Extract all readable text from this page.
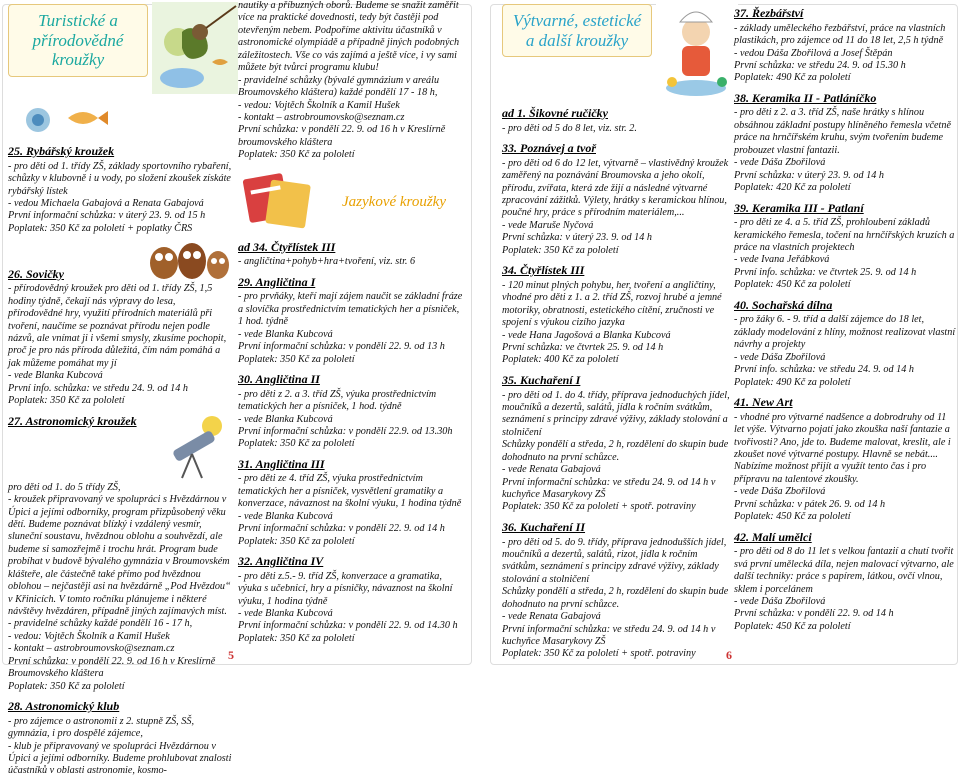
Turistické a přírodovědné kroužky
25. Rybářský kroužek
- pro děti od 1. třídy ZŠ, základy sportovního rybaření, schůzky v klubovně i u vody, po složení zkoušek získáte rybářský lístek
- vedou Michaela Gabajová a Renata Gabajová
První informační schůzka: v úterý 23. 9. od 15 h
Poplatek: 350 Kč za pololetí + poplatky ČRS
26. Sovičky
- přírodovědný kroužek pro děti od 1. třídy ZŠ, 1,5 hodiny týdně, čekají nás výpravy do lesa, přírodovědné hry, využití přírodních materiálů při tvoření, naučíme se poznávat přírodu nejen podle názvů, ale vnímat ji i všemi smysly, zkusíme pochopit, proč je pro nás příroda důležitá, čím nám pomáhá a jak můžeme pomáhat my jí
- vede Blanka Kubcová
První info. schůzka: ve středu 24. 9. od 14 h
Poplatek: 350 Kč za pololetí
27. Astronomický kroužek
pro děti od 1. do 5 třídy ZŠ,
- kroužek připravovaný ve spolupráci s Hvězdárnou v Úpici a jejími odborníky, program přizpůsobený věku dětí. Budeme poznávat blízký i vzdálený vesmír, sluneční soustavu, hvězdnou oblohu a souhvězdí, ale budeme si samozřejmě i trochu hrát. Program bude probíhat v budově bývalého gymnázia v Broumovském klášteře, ale částečně také přímo pod hvězdnou oblohou – nejčastěji asi na hvězdárně „Pod Hvězdou“ v Křinicích. V tomto ročníku plánujeme i některé návštěvy hvězdáren, případně jiných zajímavých míst.
- pravidelné schůzky každé pondělí 16 - 17 h,
- vedou: Vojtěch Školník a Kamil Hušek
- kontakt – astrobroumovsko@seznam.cz
První schůzka: v pondělí 22. 9. od 16 h v Kreslírně Broumovského kláštera
Poplatek: 350 Kč za pololetí
28. Astronomický klub
- pro zájemce o astronomii z 2. stupně ZŠ, SŠ, gymnázia, i pro dospělé zájemce,
- klub je připravovaný ve spolupráci Hvězdárnou v Úpici a jejími odborníky. Budeme prohlubovat znalosti účastníků v oblasti astronomie, kosmo-
nautiky a příbuzných oborů. Budeme se snažit zaměřit více na praktické dovednosti, tedy být častěji pod otevřeným nebem. Podpoříme aktivitu účastníků v astronomické olympiádě a případně jiných podobných záležitostech. Vše co vás zajímá a ještě více, i vy sami můžete být tvůrci programu klubu!
- pravidelné schůzky (bývalé gymnázium v areálu Broumovského kláštera) každé pondělí 17 - 18 h,
- vedou: Vojtěch Školník a Kamil Hušek
- kontakt – astrobroumovsko@seznam.cz
První schůzka: v pondělí 22. 9. od 16 h v Kreslírně broumovského kláštera
Poplatek: 350 Kč za pololetí
Jazykové kroužky
ad 34. Čtyřlístek III
- angličtina+pohyb+hra+tvoření, viz. str. 6
29. Angličtina I
- pro prvňáky, kteří mají zájem naučit se základní fráze a slovíčka prostřednictvím tematických her a písniček, 1 hod. týdně
- vede Blanka Kubcová
První informační schůzka: v pondělí 22. 9. od 13 h
Poplatek: 350 Kč za pololetí
30. Angličtina II
- pro děti z 2. a 3. tříd ZŠ, výuka prostřednictvím tematických her a písniček, 1 hod. týdně
- vede Blanka Kubcová
První informační schůzka: v pondělí 22.9. od 13.30h
Poplatek: 350 Kč za pololetí
31. Angličtina III
- pro děti ze 4. tříd ZŠ, výuka prostřednictvím tematických her a písniček, vysvětlení gramatiky a konverzace, návaznost na školní výuku, 1 hodina týdně
- vede Blanka Kubcová
První informační schůzka: v pondělí 22. 9. od 14 h
Poplatek: 350 Kč za pololetí
32. Angličtina IV
- pro děti z.5.- 9. tříd ZŠ, konverzace a gramatika, výuka s učebnicí, hry a písničky, návaznost na školní výuku, 1 hodina týdně
- vede Blanka Kubcová
První informační schůzka: v pondělí 22. 9. od 14.30 h
Poplatek: 350 Kč za pololetí
Výtvarné, estetické a další kroužky
ad 1. Šikovné ručičky
- pro děti od 5 do 8 let, viz. str. 2.
33. Poznávej a tvoř
- pro děti od 6 do 12 let, výtvarně – vlastivědný kroužek zaměřený na poznávání Broumovska a jeho okolí, přírodu, zvířata, která zde žijí a následné výtvarné zpracování zážitků. Výlety, hrátky s keramickou hlínou, poučné hry, práce s přírodním materiálem,...
- vede Maruše Nyčová
První schůzka: v úterý 23. 9. od 14 h
Poplatek: 350 Kč za pololetí
34. Čtyřlístek III
- 120 minut plných pohybu, her, tvoření a angličtiny, vhodné pro děti z 1. a 2. tříd ZŠ, rozvoj hrubé a jemné motoriky, obratnosti, estetického cítění, zručnosti ve spojení s výukou cizího jazyka
- vede Hana Jagošová a Blanka Kubcová
První schůzka: ve čtvrtek 25. 9. od 14 h
Poplatek: 400 Kč za pololetí
35. Kuchaření I
- pro děti od 1. do 4. třídy, příprava jednoduchých jídel, moučníků a dezertů, salátů, jídla k ročním svátkům, seznámení s principy zdravé výživy, základy stolování a stolničení
Schůzky pondělí a středa, 2 h, rozdělení do skupin bude dohodnuto na první schůzce.
- vede Renata Gabajová
První informační schůzka: ve středu 24. 9. od 14 h v kuchyňce Masarykovy ZŠ
Poplatek: 350 Kč za pololetí + spotř. potraviny
36. Kuchaření II
- pro děti od 5. do 9. třídy, příprava jednodušších jídel, moučníků a dezertů, salátů, rizot, jídla k ročním svátkům, seznámení s principy zdravé výživy, základy stolování a stolničení
Schůzky pondělí a středa, 2 h, rozdělení do skupin bude dohodnuto na první schůzce.
- vede Renata Gabajová
První informační schůzka: ve středu 24. 9. od 14 h v kuchyňce Masarykovy ZŠ
Poplatek: 350 Kč za pololetí + spotř. potraviny
37. Řezbářství
- základy uměleckého řezbářství, práce na vlastních plastikách, pro zájemce od 11 do 18 let, 2,5 h týdně
- vedou Dáša Zbořilová a Josef Štěpán
První schůzka: ve středu 24. 9. od 15.30 h
Poplatek: 490 Kč za pololetí
38. Keramika II - Patláníčko
- pro děti z 2. a 3. tříd ZŠ, naše hrátky s hlínou obsáhnou základní postupy hlíněného řemesla včetně práce na hrnčířském kruhu, svým tvořením budeme probouzet vlastní fantazii.
- vede Dáša Zbořilová
První schůzka: v úterý 23. 9. od 14 h
Poplatek: 420 Kč za pololetí
39. Keramika III - Patlaní
- pro děti ze 4. a 5. tříd ZŠ, prohloubení základů keramického řemesla, točení na hrnčířských kruzích a práce na vlastních projektech
- vede Ivana Jeřábková
První info. schůzka: ve čtvrtek 25. 9. od 14 h
Poplatek: 450 Kč za pololetí
40. Sochařská dílna
- pro žáky 6. - 9. tříd a další zájemce do 18 let, základy modelování z hlíny, možnost realizovat vlastní návrhy a projekty
- vede Dáša Zbořilová
První info. schůzka: ve středu 24. 9. od 14 h
Poplatek: 490 Kč za pololetí
41. New Art
- vhodné pro výtvarné nadšence a dobrodruhy od 11 let výše. Výtvarno pojatí jako zkouška naší fantazie a tvořivosti? Ano, jde to. Budeme malovat, kreslit, ale i zkoušet nové výtvarné postupy. Hlavně se nebát....
Nabízíme možnost přijít a využít tento čas i pro přípravu na talentové zkoušky.
- vede Dáša Zbořilová
První schůzka: v pátek 26. 9. od 14 h
Poplatek: 450 Kč za pololetí
42. Malí umělci
- pro děti od 8 do 11 let s velkou fantazií a chutí tvořit svá první umělecká díla, nejen malovací výtvarno, ale další techniky: práce s papírem, látkou, ovčí vlnou, sklem i porcelánem
- vede Dáša Zbořilová
První schůzka: v pondělí 22. 9. od 14 h
Poplatek: 450 Kč za pololetí
5	6
